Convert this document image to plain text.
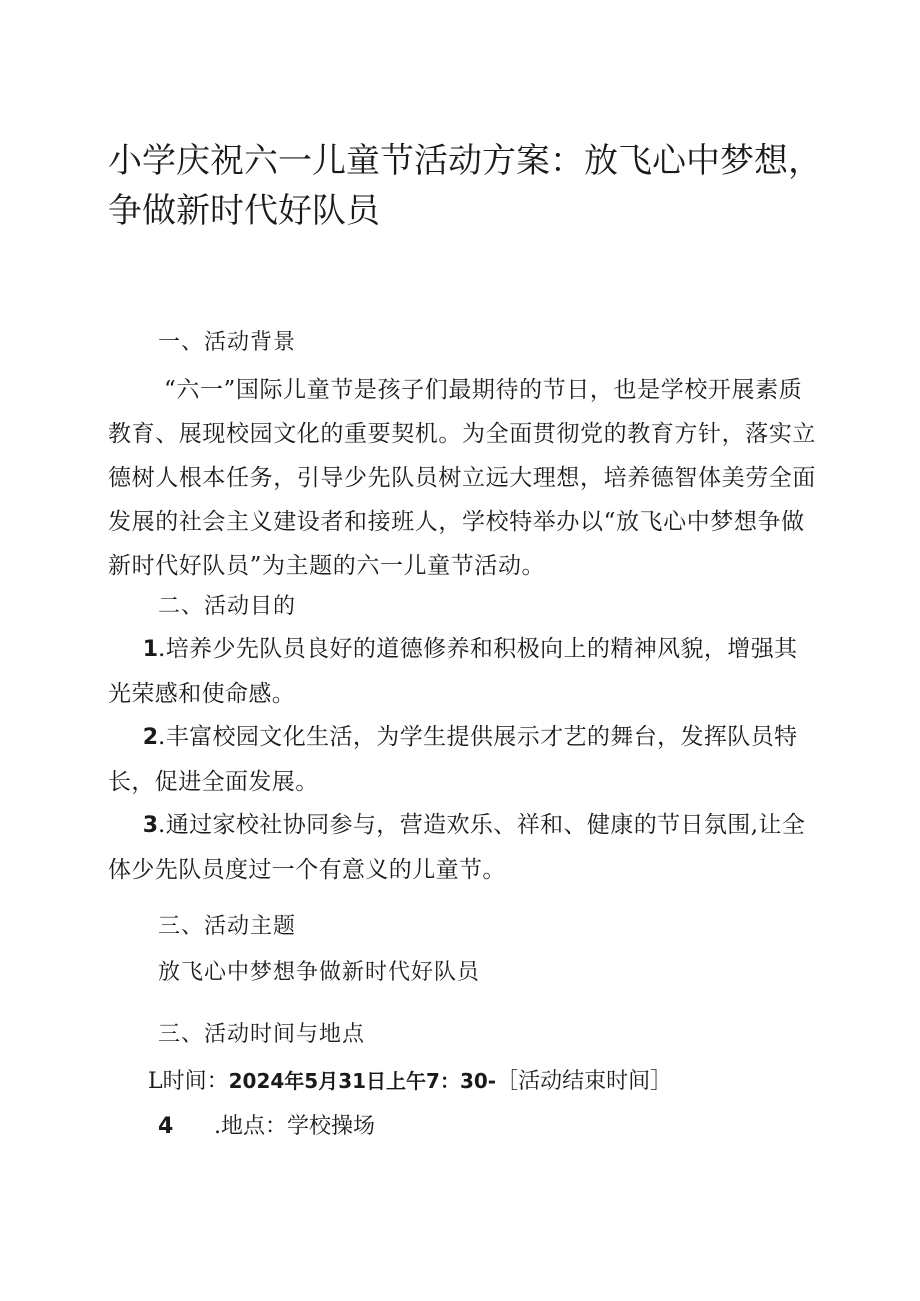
小学庆祝六一儿童节活动方案：放飞心中梦想，争做新时代好队员
一、活动背景

“六一”国际儿童节是孩子们最期待的节日，也是学校开展素质教育、展现校园文化的重要契机。为全面贯彻党的教育方针，落实立德树人根本任务，引导少先队员树立远大理想，培养德智体美劳全面发展的社会主义建设者和接班人，学校特举办以“放飞心中梦想争做新时代好队员”为主题的六一儿童节活动。

二、活动目的

1.培养少先队员良好的道德修养和积极向上的精神风貌，增强其光荣感和使命感。

2.丰富校园文化生活，为学生提供展示才艺的舞台，发挥队员特长，促进全面发展。

3.通过家校社协同参与，营造欢乐、祥和、健康的节日氛围,让全体少先队员度过一个有意义的儿童节。

三、活动主题
放飞心中梦想争做新时代好队员
三、活动时间与地点
L时间：2024年5月31日上午7：30-［活动结束时间］
4 .地点：学校操场
